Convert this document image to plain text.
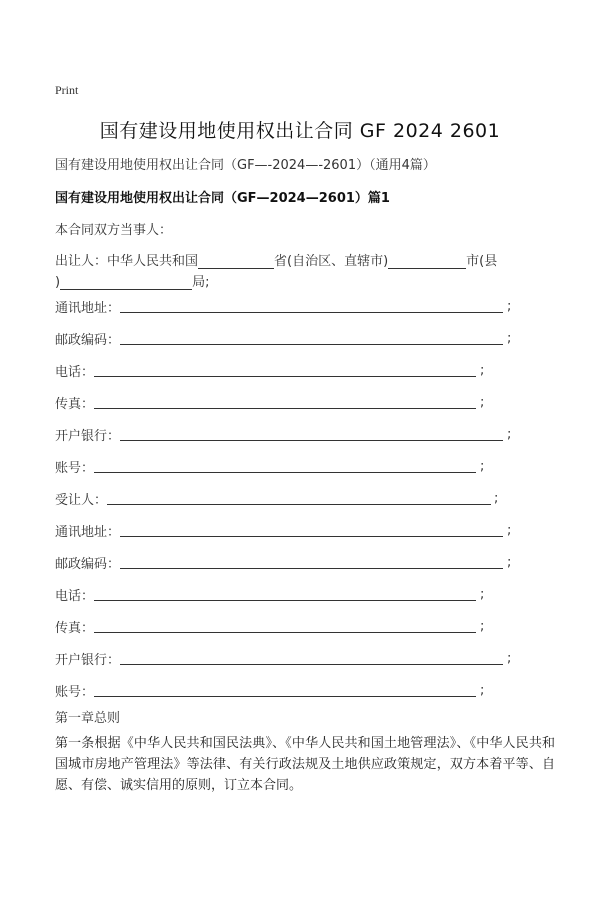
Print
国有建设用地使用权出让合同 GF 2024 2601
国有建设用地使用权出让合同（GF—-2024—-2601）（通用4篇）
国有建设用地使用权出让合同（GF—2024—2601）篇1
本合同双方当事人：
出让人：中华人民共和国	省(自治区、直辖市)	市(县
)	局;
通讯地址：	;
邮政编码：	;
电话：	;
传真：	;
开户银行：	;
账号：	;
受让人：	;
通讯地址：	;
邮政编码：	;
电话：	;
传真：	;
开户银行：	;
账号：	;
第一章总则
第一条根据《中华人民共和国民法典》、《中华人民共和国土地管理法》、《中华人民共和国城市房地产管理法》等法律、有关行政法规及土地供应政策规定，双方本着平等、自愿、有偿、诚实信用的原则，订立本合同。
